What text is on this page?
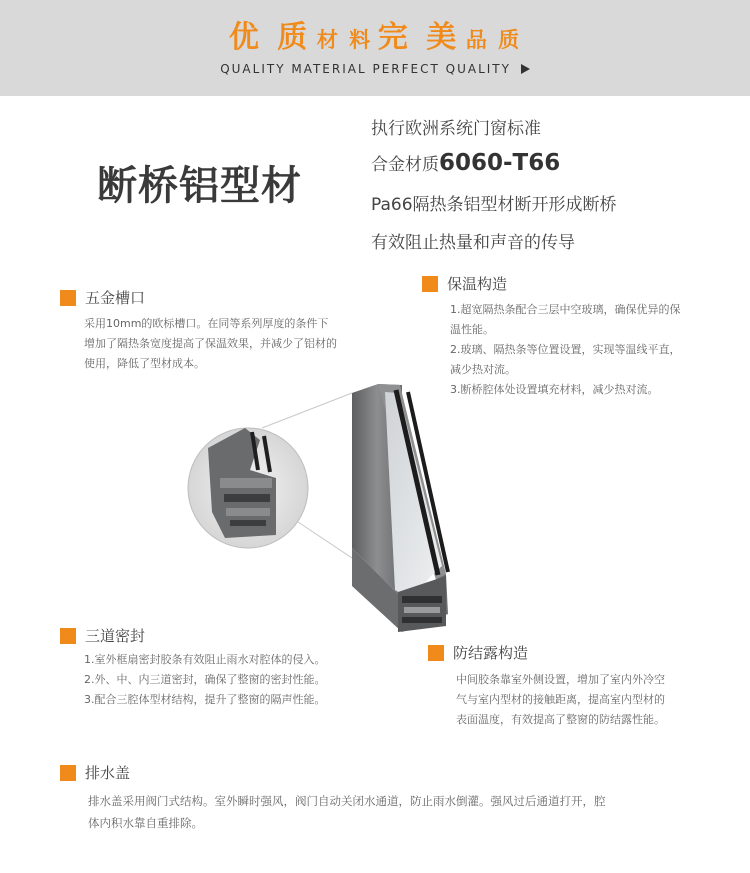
优 质 材 料 完 美 品 质
QUALITY MATERIAL PERFECT QUALITY
断桥铝型材
执行欧洲系统门窗标准
合金材质6060-T66
Pa66隔热条铝型材断开形成断桥
有效阻止热量和声音的传导
五金槽口

采用10mm的欧标槽口。在同等系列厚度的条件下

增加了隔热条宽度提高了保温效果，并减少了铝材的

使用，降低了型材成本。

保温构造

1.超宽隔热条配合三层中空玻璃，确保优异的保

温性能。

2.玻璃、隔热条等位置设置，实现等温线平直，

减少热对流。

3.断桥腔体处设置填充材料，减少热对流。

三道密封

1.室外框扇密封胶条有效阻止雨水对腔体的侵入。

2.外、中、内三道密封，确保了整窗的密封性能。

3.配合三腔体型材结构，提升了整窗的隔声性能。

防结露构造

中间胶条靠室外侧设置，增加了室内外冷空

气与室内型材的接触距离，提高室内型材的

表面温度，有效提高了整窗的防结露性能。

排水盖

排水盖采用阀门式结构。室外瞬时强风，阀门自动关闭水通道，防止雨水倒灌。强风过后通道打开，腔

体内积水靠自重排除。
